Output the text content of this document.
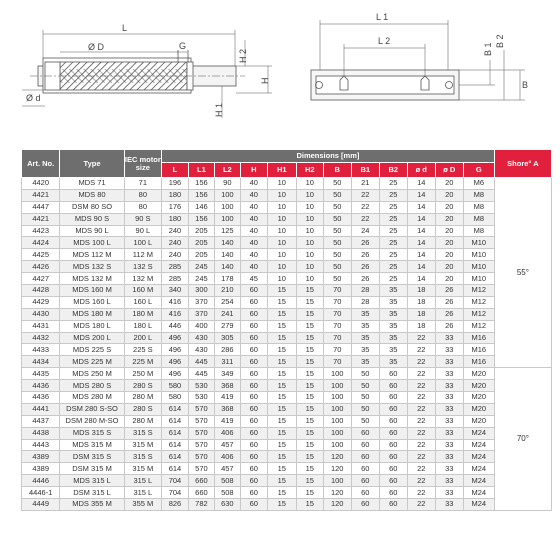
L
Ø D	G
H 2
H
Ø d
H 1
L 1
L 2
B 1
B 2
B
Art. No.	Type	IEC motor size	Dimensions [mm]												Shore° A
			L	L1	L2	H	H1	H2	B	B1	B2	ø d	ø D	G	
4420	MDS 71	71	196	156	90	40	10	10	50	21	25	14	20	M6	55°
4421	MDS 80	80	180	156	100	40	10	10	50	22	25	14	20	M8	
4447	DSM 80 SO	80	176	146	100	40	10	10	50	22	25	14	20	M8	
4421	MDS 90 S	90 S	180	156	100	40	10	10	50	22	25	14	20	M8	
4423	MDS 90 L	90 L	240	205	125	40	10	10	50	24	25	14	20	M8	
4424	MDS 100 L	100 L	240	205	140	40	10	10	50	26	25	14	20	M10	
4425	MDS 112 M	112 M	240	205	140	40	10	10	50	26	25	14	20	M10	
4426	MDS 132 S	132 S	285	245	140	40	10	10	50	26	25	14	20	M10	
4427	MDS 132 M	132 M	285	245	178	45	10	10	50	26	25	14	20	M10	
4428	MDS 160 M	160 M	340	300	210	60	15	15	70	28	35	18	26	M12	
4429	MDS 160 L	160 L	416	370	254	60	15	15	70	28	35	18	26	M12	
4430	MDS 180 M	180 M	416	370	241	60	15	15	70	35	35	18	26	M12	
4431	MDS 180 L	180 L	446	400	279	60	15	15	70	35	35	18	26	M12	
4432	MDS 200 L	200 L	496	430	305	60	15	15	70	35	35	22	33	M16	
4433	MDS 225 S	225 S	496	430	286	60	15	15	70	35	35	22	33	M16	
4434	MDS 225 M	225 M	496	445	311	60	15	15	70	35	35	22	33	M16	
4435	MDS 250 M	250 M	496	445	349	60	15	15	100	50	60	22	33	M20	70°
4436	MDS 280 S	280 S	580	530	368	60	15	15	100	50	60	22	33	M20	
4436	MDS 280 M	280 M	580	530	419	60	15	15	100	50	60	22	33	M20	
4441	DSM 280 S-SO	280 S	614	570	368	60	15	15	100	50	60	22	33	M20	
4437	DSM 280 M-SO	280 M	614	570	419	60	15	15	100	50	60	22	33	M20	
4438	MDS 315 S	315 S	614	570	406	60	15	15	100	60	60	22	33	M24	
4443	MDS 315 M	315 M	614	570	457	60	15	15	100	60	60	22	33	M24	
4389	DSM 315 S	315 S	614	570	406	60	15	15	120	60	60	22	33	M24	
4389	DSM 315 M	315 M	614	570	457	60	15	15	120	60	60	22	33	M24	
4446	MDS 315 L	315 L	704	660	508	60	15	15	100	60	60	22	33	M24	
4446-1	DSM 315 L	315 L	704	660	508	60	15	15	120	60	60	22	33	M24	
4449	MDS 355 M	355 M	826	782	630	60	15	15	120	60	60	22	33	M24	
